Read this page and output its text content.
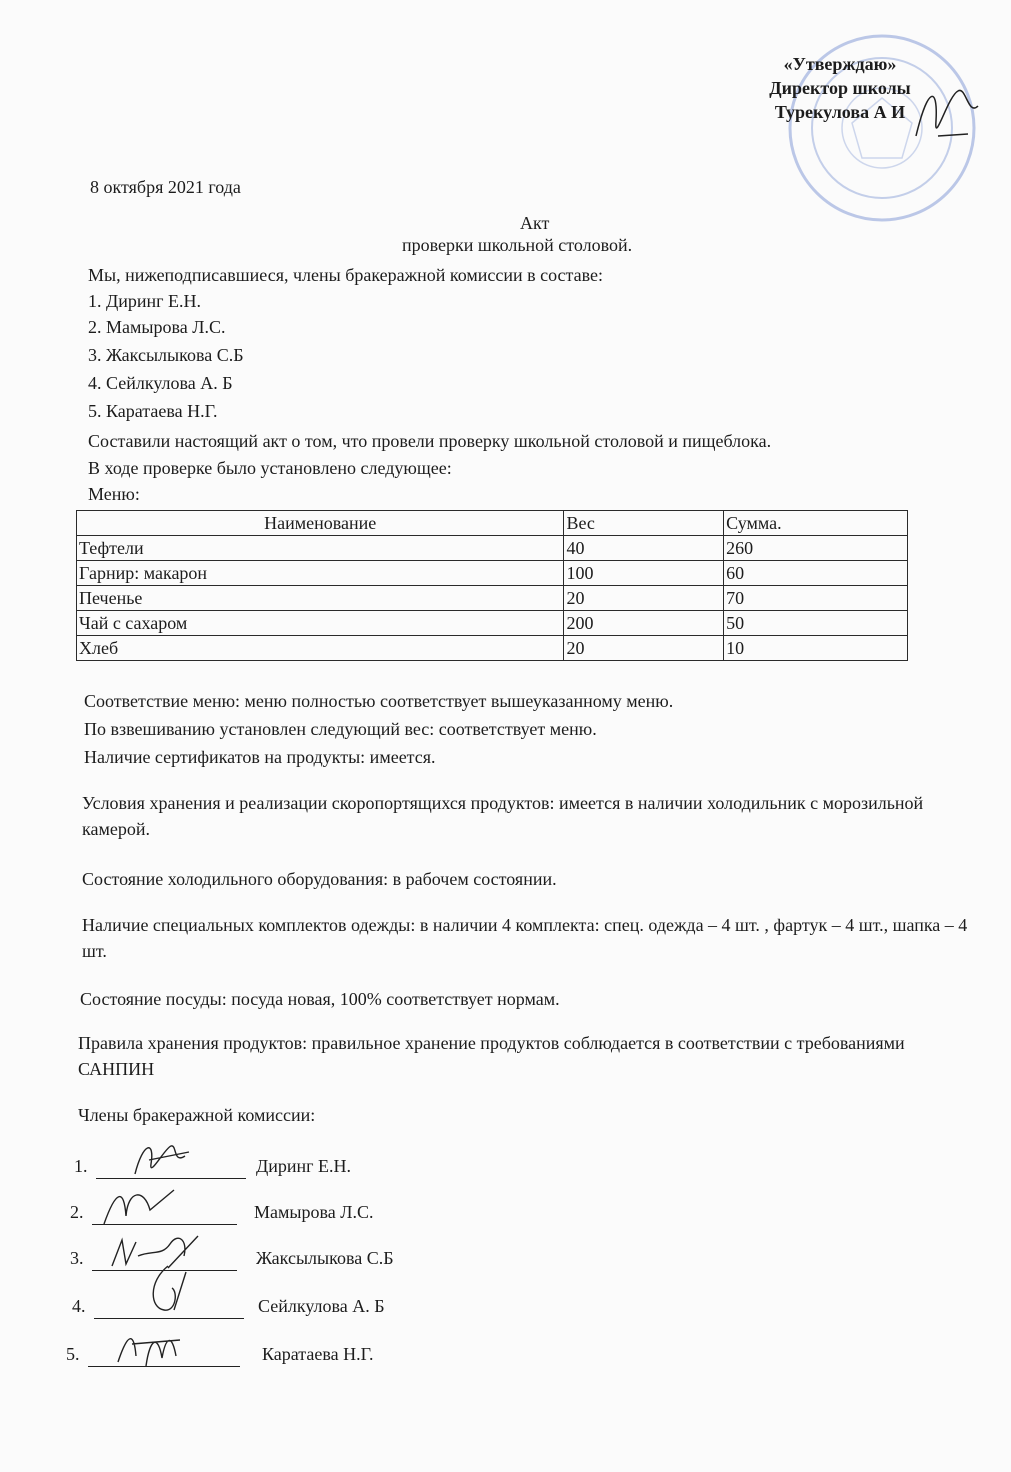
«Утверждаю»
Директор школы
Турекулова А И
8 октября 2021 года
Акт
проверки школьной столовой.
Мы, нижеподписавшиеся, члены бракеражной комиссии в составе:
1. Диринг Е.Н.
2. Мамырова Л.С.
3. Жаксылыкова С.Б
4. Сейлкулова А. Б
5. Каратаева Н.Г.
Составили настоящий акт о том, что провели проверку школьной столовой и пищеблока.
В ходе проверке было установлено следующее:
Меню:
Наименование	Вес	Сумма.
Тефтели	40	260
Гарнир: макарон	100	60
Печенье	20	70
Чай с сахаром	200	50
Хлеб	20	10
Соответствие меню: меню полностью соответствует вышеуказанному меню.
По взвешиванию установлен следующий вес: соответствует меню.
Наличие сертификатов на продукты: имеется.
Условия хранения и реализации скоропортящихся продуктов: имеется в наличии холодильник с морозильной камерой.
Состояние холодильного оборудования: в рабочем состоянии.
Наличие специальных комплектов одежды: в наличии 4 комплекта: спец. одежда – 4 шт. , фартук – 4 шт., шапка – 4 шт.
Состояние посуды: посуда новая, 100% соответствует нормам.
Правила хранения продуктов: правильное хранение продуктов соблюдается в соответствии с требованиями САНПИН
Члены бракеражной комиссии:
1.	Диринг Е.Н.
2.	Мамырова Л.С.
3.	Жаксылыкова С.Б
4.	Сейлкулова А. Б
5.	Каратаева Н.Г.
